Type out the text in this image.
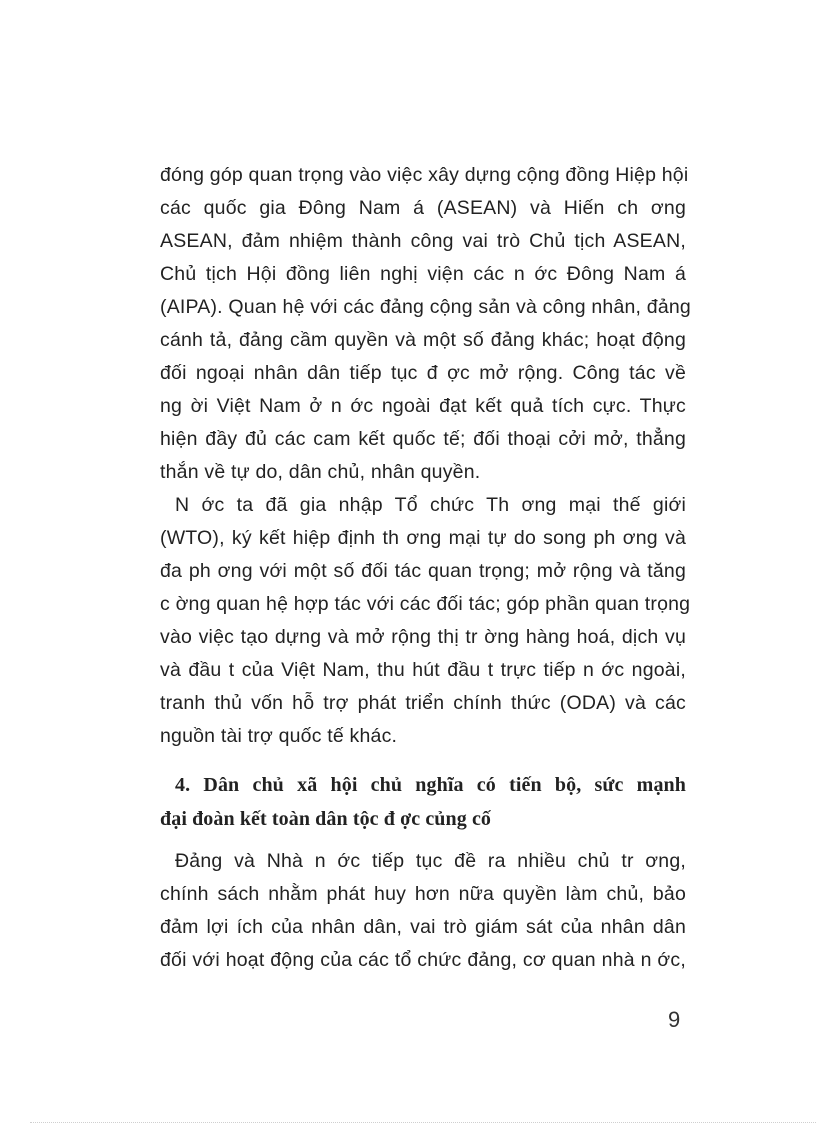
đóng góp quan trọng vào việc xây dựng cộng đồng Hiệp hội
các quốc gia Đông Nam á (ASEAN) và Hiến ch ơng
ASEAN, đảm nhiệm thành công vai trò Chủ tịch ASEAN,
Chủ tịch Hội đồng liên nghị viện các n ớc Đông Nam á
(AIPA). Quan hệ với các đảng cộng sản và công nhân, đảng
cánh tả, đảng cầm quyền và một số đảng khác; hoạt động
đối ngoại nhân dân tiếp tục đ ợc mở rộng. Công tác về
ng ời Việt Nam ở n ớc ngoài đạt kết quả tích cực. Thực
hiện đầy đủ các cam kết quốc tế; đối thoại cởi mở, thẳng
thắn về tự do, dân chủ, nhân quyền.
N ớc ta đã gia nhập Tổ chức Th ơng mại thế giới
(WTO), ký kết hiệp định th ơng mại tự do song ph ơng và
đa ph ơng với một số đối tác quan trọng; mở rộng và tăng
c ờng quan hệ hợp tác với các đối tác; góp phần quan trọng
vào việc tạo dựng và mở rộng thị tr ờng hàng hoá, dịch vụ
và đầu t của Việt Nam, thu hút đầu t trực tiếp n ớc ngoài,
tranh thủ vốn hỗ trợ phát triển chính thức (ODA) và các
nguồn tài trợ quốc tế khác.
4. Dân chủ xã hội chủ nghĩa có tiến bộ, sức mạnh
đại đoàn kết toàn dân tộc đ ợc củng cố
Đảng và Nhà n ớc tiếp tục đề ra nhiều chủ tr ơng,
chính sách nhằm phát huy hơn nữa quyền làm chủ, bảo
đảm lợi ích của nhân dân, vai trò giám sát của nhân dân
đối với hoạt động của các tổ chức đảng, cơ quan nhà n ớc,
9
